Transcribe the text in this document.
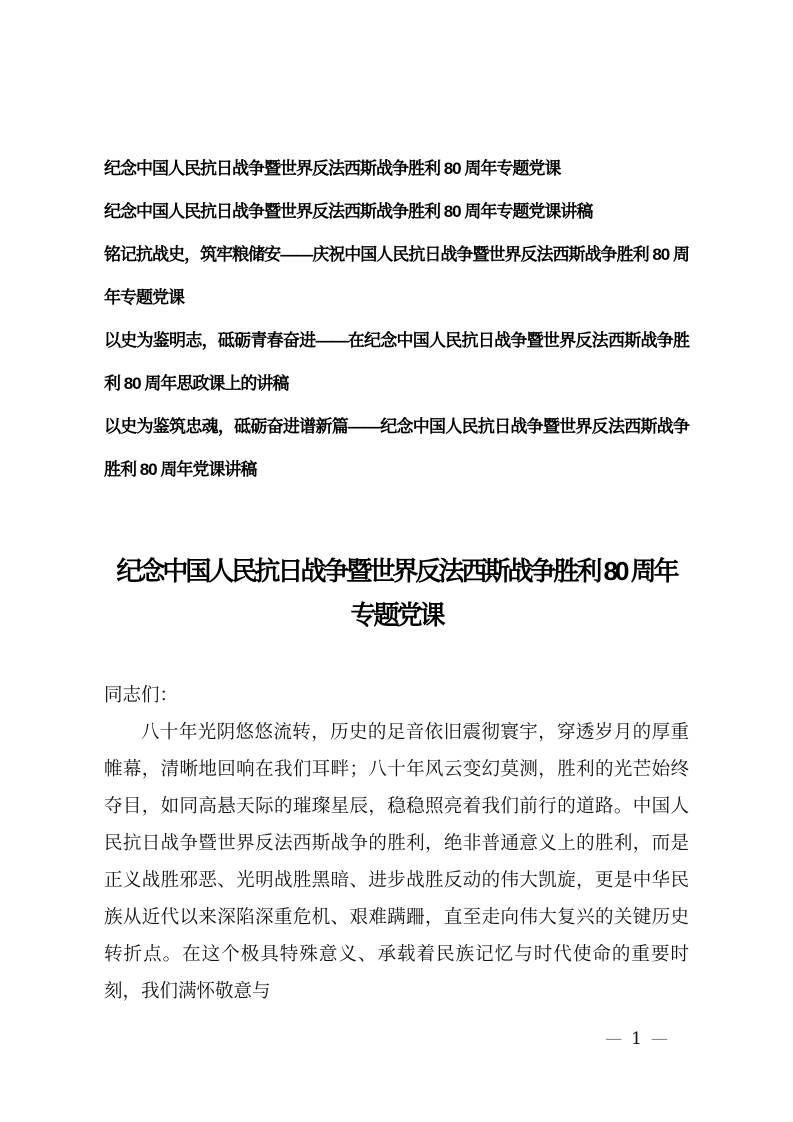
纪念中国人民抗日战争暨世界反法西斯战争胜利 80 周年专题党课
纪念中国人民抗日战争暨世界反法西斯战争胜利 80 周年专题党课讲稿
铭记抗战史，筑牢粮储安——庆祝中国人民抗日战争暨世界反法西斯战争胜利 80 周年专题党课
以史为鉴明志，砥砺青春奋进——在纪念中国人民抗日战争暨世界反法西斯战争胜利 80 周年思政课上的讲稿
以史为鉴筑忠魂，砥砺奋进谱新篇——纪念中国人民抗日战争暨世界反法西斯战争胜利 80 周年党课讲稿
纪念中国人民抗日战争暨世界反法西斯战争胜利 80 周年
专题党课

同志们：

八十年光阴悠悠流转，历史的足音依旧震彻寰宇，穿透岁月的厚重帷幕，清晰地回响在我们耳畔；八十年风云变幻莫测，胜利的光芒始终夺目，如同高悬天际的璀璨星辰，稳稳照亮着我们前行的道路。中国人民抗日战争暨世界反法西斯战争的胜利，绝非普通意义上的胜利，而是正义战胜邪恶、光明战胜黑暗、进步战胜反动的伟大凯旋，更是中华民族从近代以来深陷深重危机、艰难蹒跚，直至走向伟大复兴的关键历史转折点。在这个极具特殊意义、承载着民族记忆与时代使命的重要时刻，我们满怀敬意与

— 1 —
